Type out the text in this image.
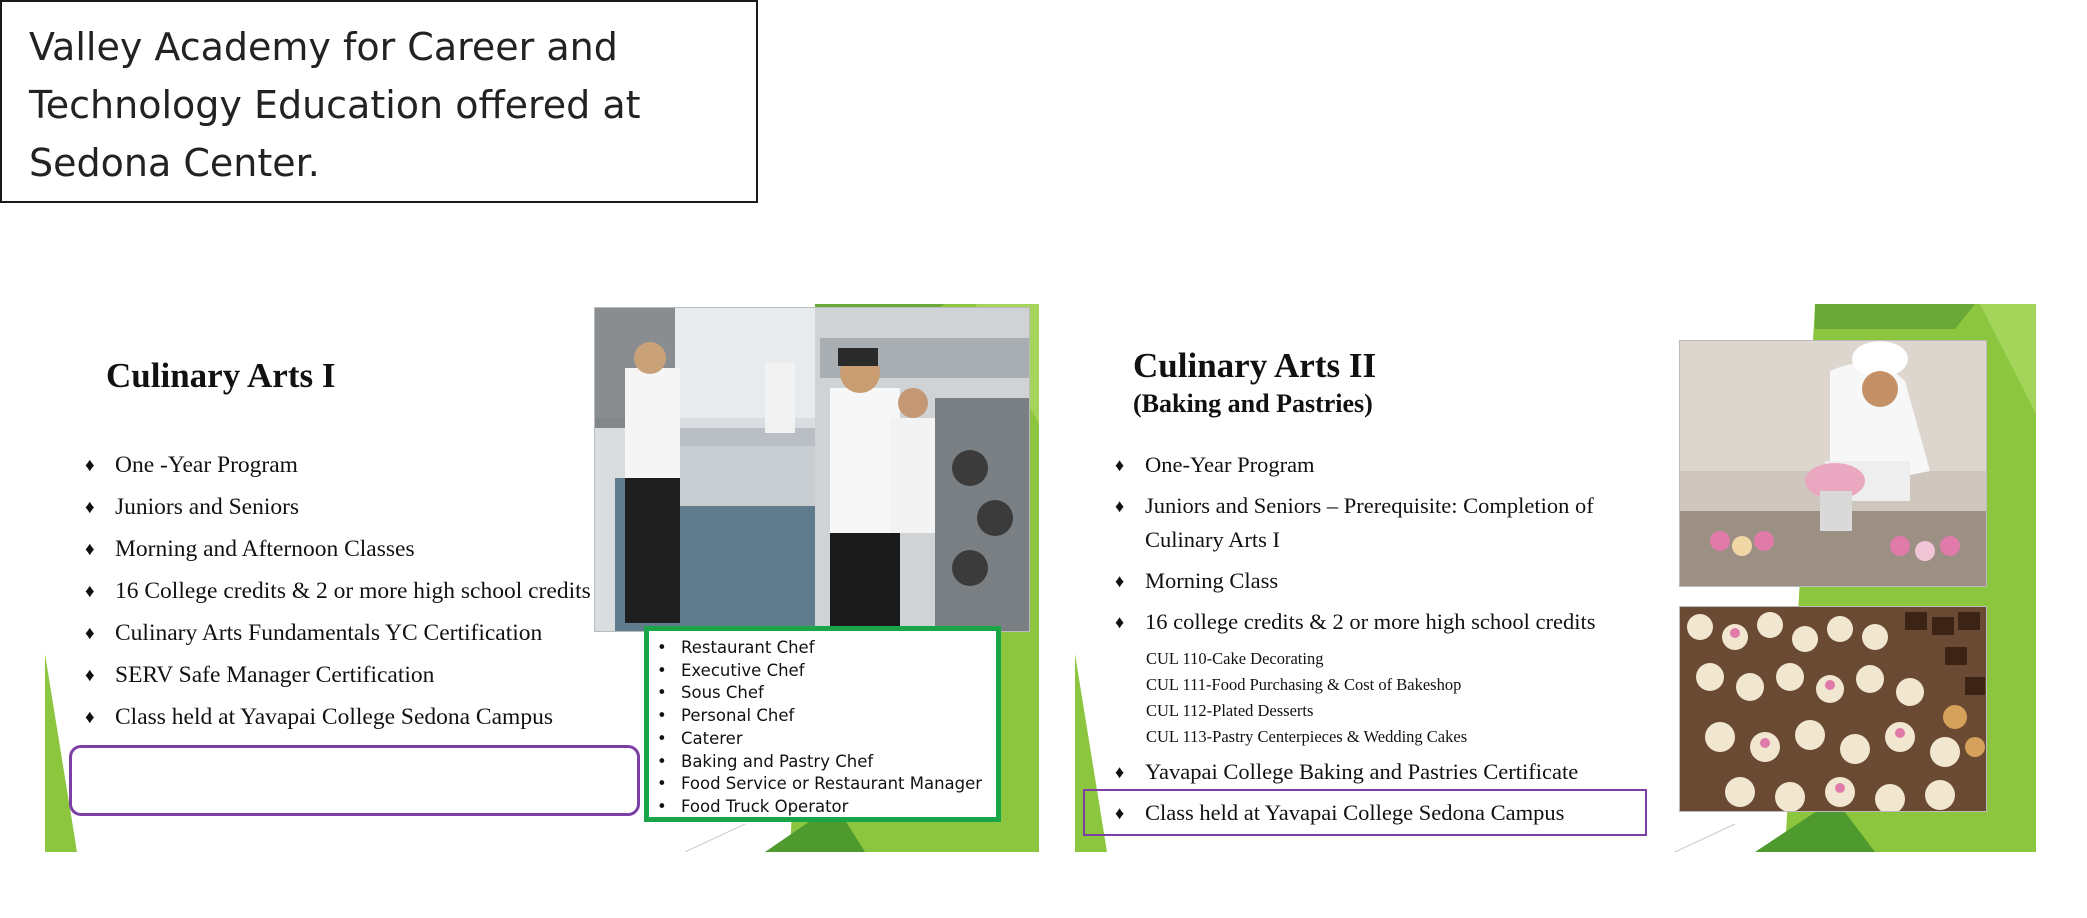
Valley Academy for Career and Technology Education offered at Sedona Center.

Culinary Arts I
♦ One -Year Program
♦ Juniors and Seniors
♦ Morning and Afternoon Classes
♦ 16 College credits & 2 or more high school credits
♦ Culinary Arts Fundamentals YC Certification
♦ SERV Safe Manager Certification
♦ Class held at Yavapai College Sedona Campus
• Restaurant Chef
• Executive Chef
• Sous Chef
• Personal Chef
• Caterer
• Baking and Pastry Chef
• Food Service or Restaurant Manager
• Food Truck Operator
Culinary Arts II
(Baking and Pastries)
♦ One-Year Program
♦ Juniors and Seniors – Prerequisite: Completion of Culinary Arts I
♦ Morning Class
♦ 16 college credits & 2 or more high school credits
CUL 110-Cake Decorating
CUL 111-Food Purchasing & Cost of Bakeshop
CUL 112-Plated Desserts
CUL 113-Pastry Centerpieces & Wedding Cakes
♦ Yavapai College Baking and Pastries Certificate
♦ Class held at Yavapai College Sedona Campus
